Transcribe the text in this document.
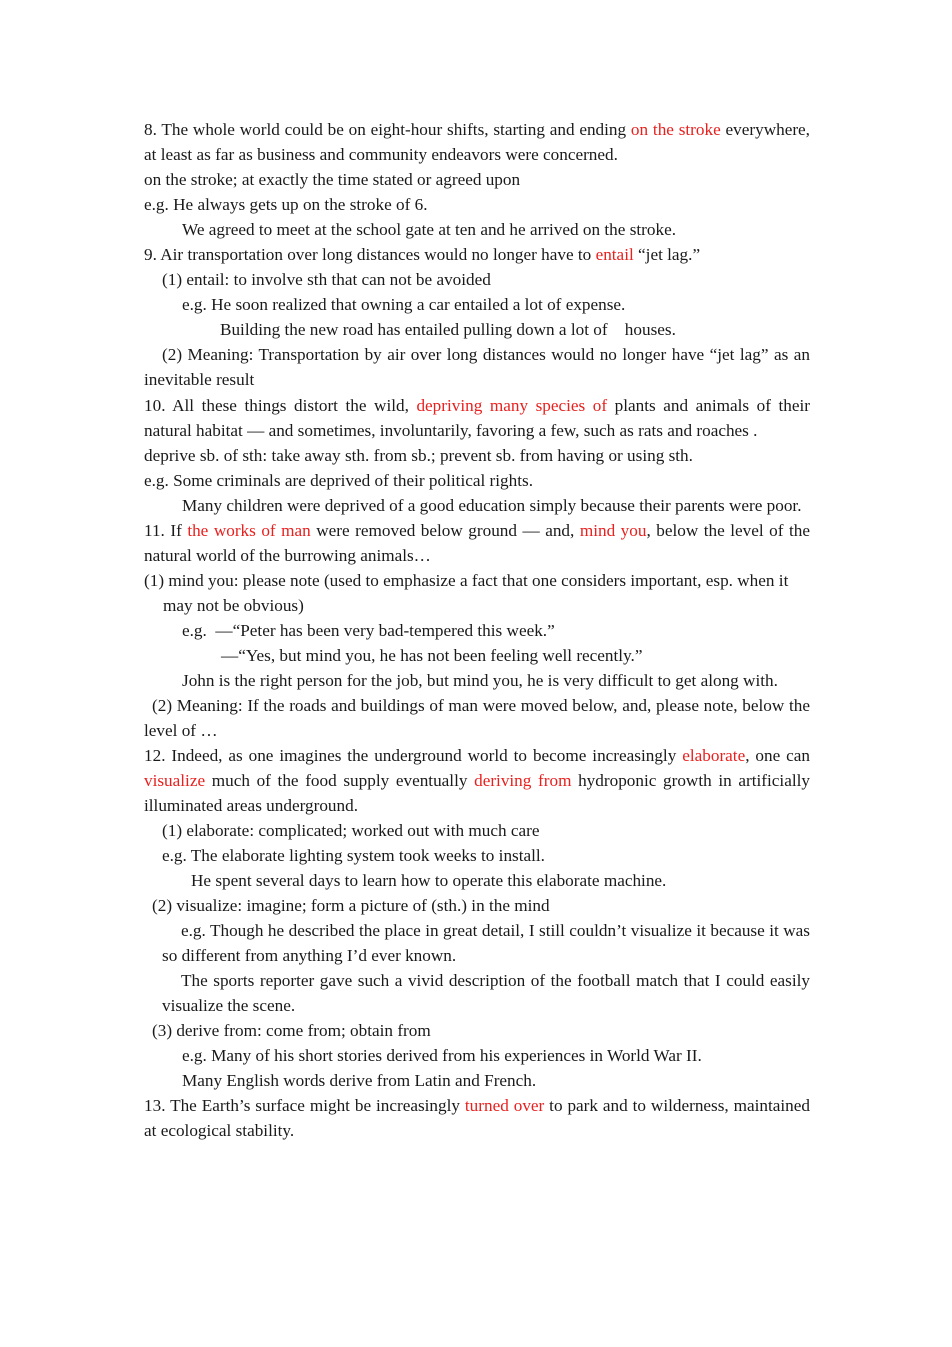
8. The whole world could be on eight-hour shifts, starting and ending on the stroke everywhere, at least as far as business and community endeavors were concerned.

on the stroke; at exactly the time stated or agreed upon

e.g. He always gets up on the stroke of 6.

We agreed to meet at the school gate at ten and he arrived on the stroke.

9. Air transportation over long distances would no longer have to entail “jet lag.”

(1) entail: to involve sth that can not be avoided

e.g. He soon realized that owning a car entailed a lot of expense.

Building the new road has entailed pulling down a lot of    houses.

(2) Meaning: Transportation by air over long distances would no longer have “jet lag” as an inevitable result

10. All these things distort the wild, depriving many species of plants and animals of their natural habitat — and sometimes, involuntarily, favoring a few, such as rats and roaches .

deprive sb. of sth: take away sth. from sb.; prevent sb. from having or using sth.

e.g. Some criminals are deprived of their political rights.

Many children were deprived of a good education simply because their parents were poor.

11. If the works of man were removed below ground — and, mind you, below the level of the natural world of the burrowing animals…

(1) mind you: please note (used to emphasize a fact that one considers important, esp. when it may not be obvious)

e.g.  —“Peter has been very bad-tempered this week.”

—“Yes, but mind you, he has not been feeling well recently.”

John is the right person for the job, but mind you, he is very difficult to get along with.

(2) Meaning: If the roads and buildings of man were moved below, and, please note, below the level of …

12. Indeed, as one imagines the underground world to become increasingly elaborate, one can visualize much of the food supply eventually deriving from hydroponic growth in artificially illuminated areas underground.

(1) elaborate: complicated; worked out with much care

e.g. The elaborate lighting system took weeks to install.

He spent several days to learn how to operate this elaborate machine.

(2) visualize: imagine; form a picture of (sth.) in the mind

e.g. Though he described the place in great detail, I still couldn’t visualize it because it was so different from anything I’d ever known.

The sports reporter gave such a vivid description of the football match that I could easily visualize the scene.

(3) derive from: come from; obtain from

e.g. Many of his short stories derived from his experiences in World War II.

Many English words derive from Latin and French.

13. The Earth’s surface might be increasingly turned over to park and to wilderness, maintained at ecological stability.
